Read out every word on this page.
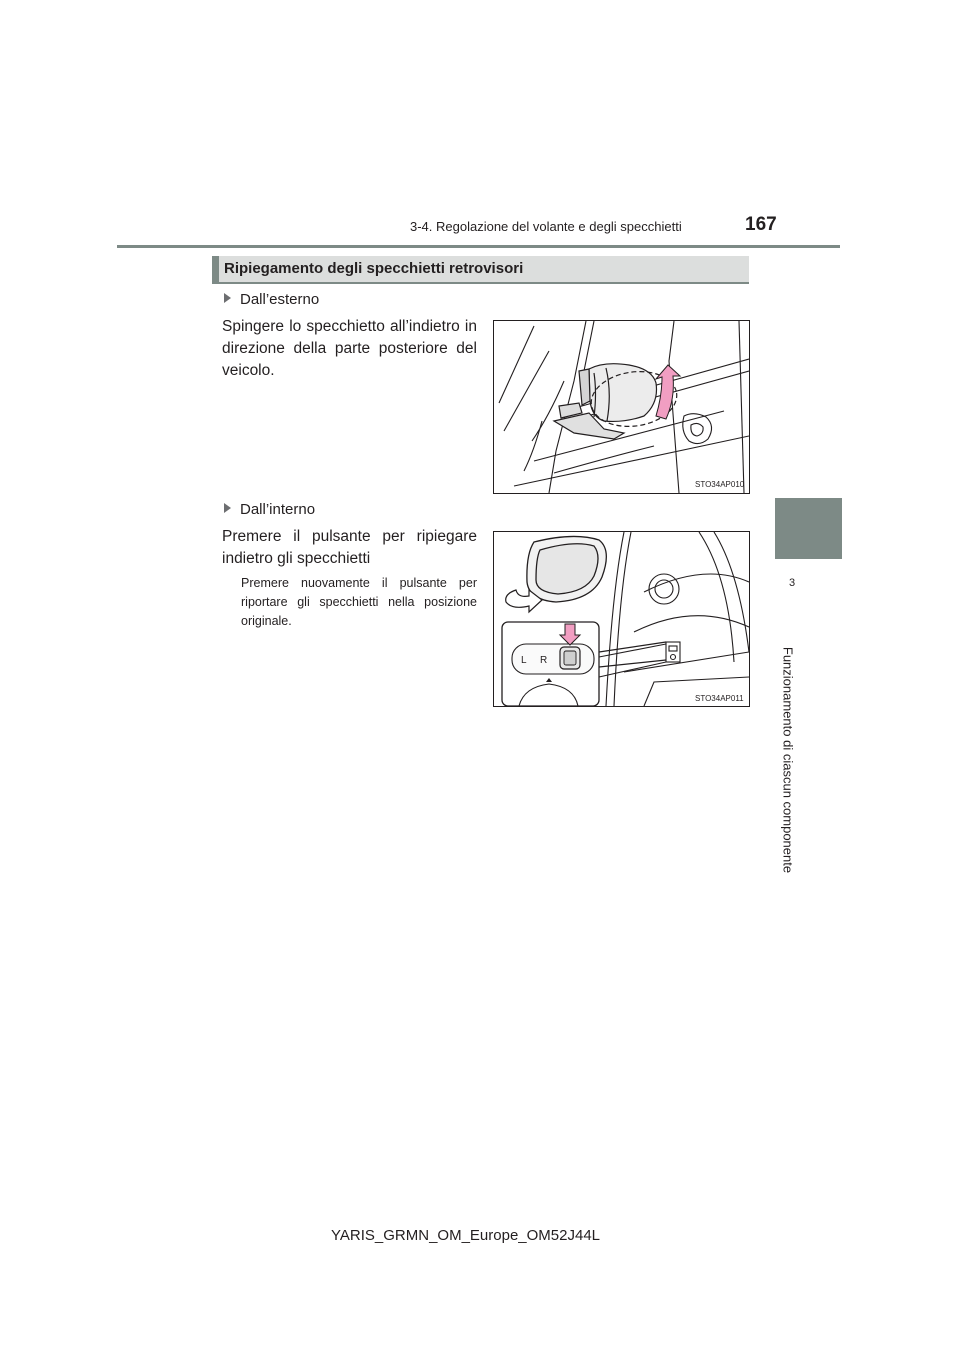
3-4. Regolazione del volante e degli specchietti	167
3
Funzionamento di ciascun componente
Ripiegamento degli specchietti retrovisori
Dall’esterno
Spingere lo specchietto all’indietro in direzione della parte posteriore del veicolo.
STO34AP010
Dall’interno
Premere il pulsante per ripiegare indietro gli specchietti
Premere nuovamente il pulsante per riportare gli specchietti nella posizione originale.
L R
STO34AP011
YARIS_GRMN_OM_Europe_OM52J44L
